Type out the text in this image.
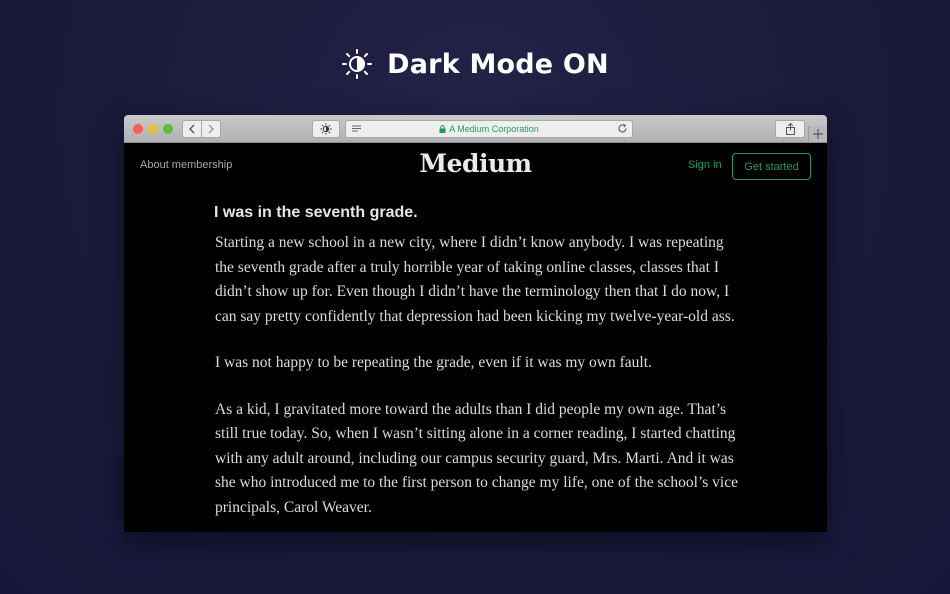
Dark Mode ON
A Medium Corporation
About membership	Medium	Sign in	Get started
I was in the seventh grade.

Starting a new school in a new city, where I didn’t know anybody. I was repeating the seventh grade after a truly horrible year of taking online classes, classes that I didn’t show up for. Even though I didn’t have the terminology then that I do now, I can say pretty confidently that depression had been kicking my twelve-year-old ass.

I was not happy to be repeating the grade, even if it was my own fault.

As a kid, I gravitated more toward the adults than I did people my own age. That’s still true today. So, when I wasn’t sitting alone in a corner reading, I started chatting with any adult around, including our campus security guard, Mrs. Marti. And it was she who introduced me to the first person to change my life, one of the school’s vice principals, Carol Weaver.
